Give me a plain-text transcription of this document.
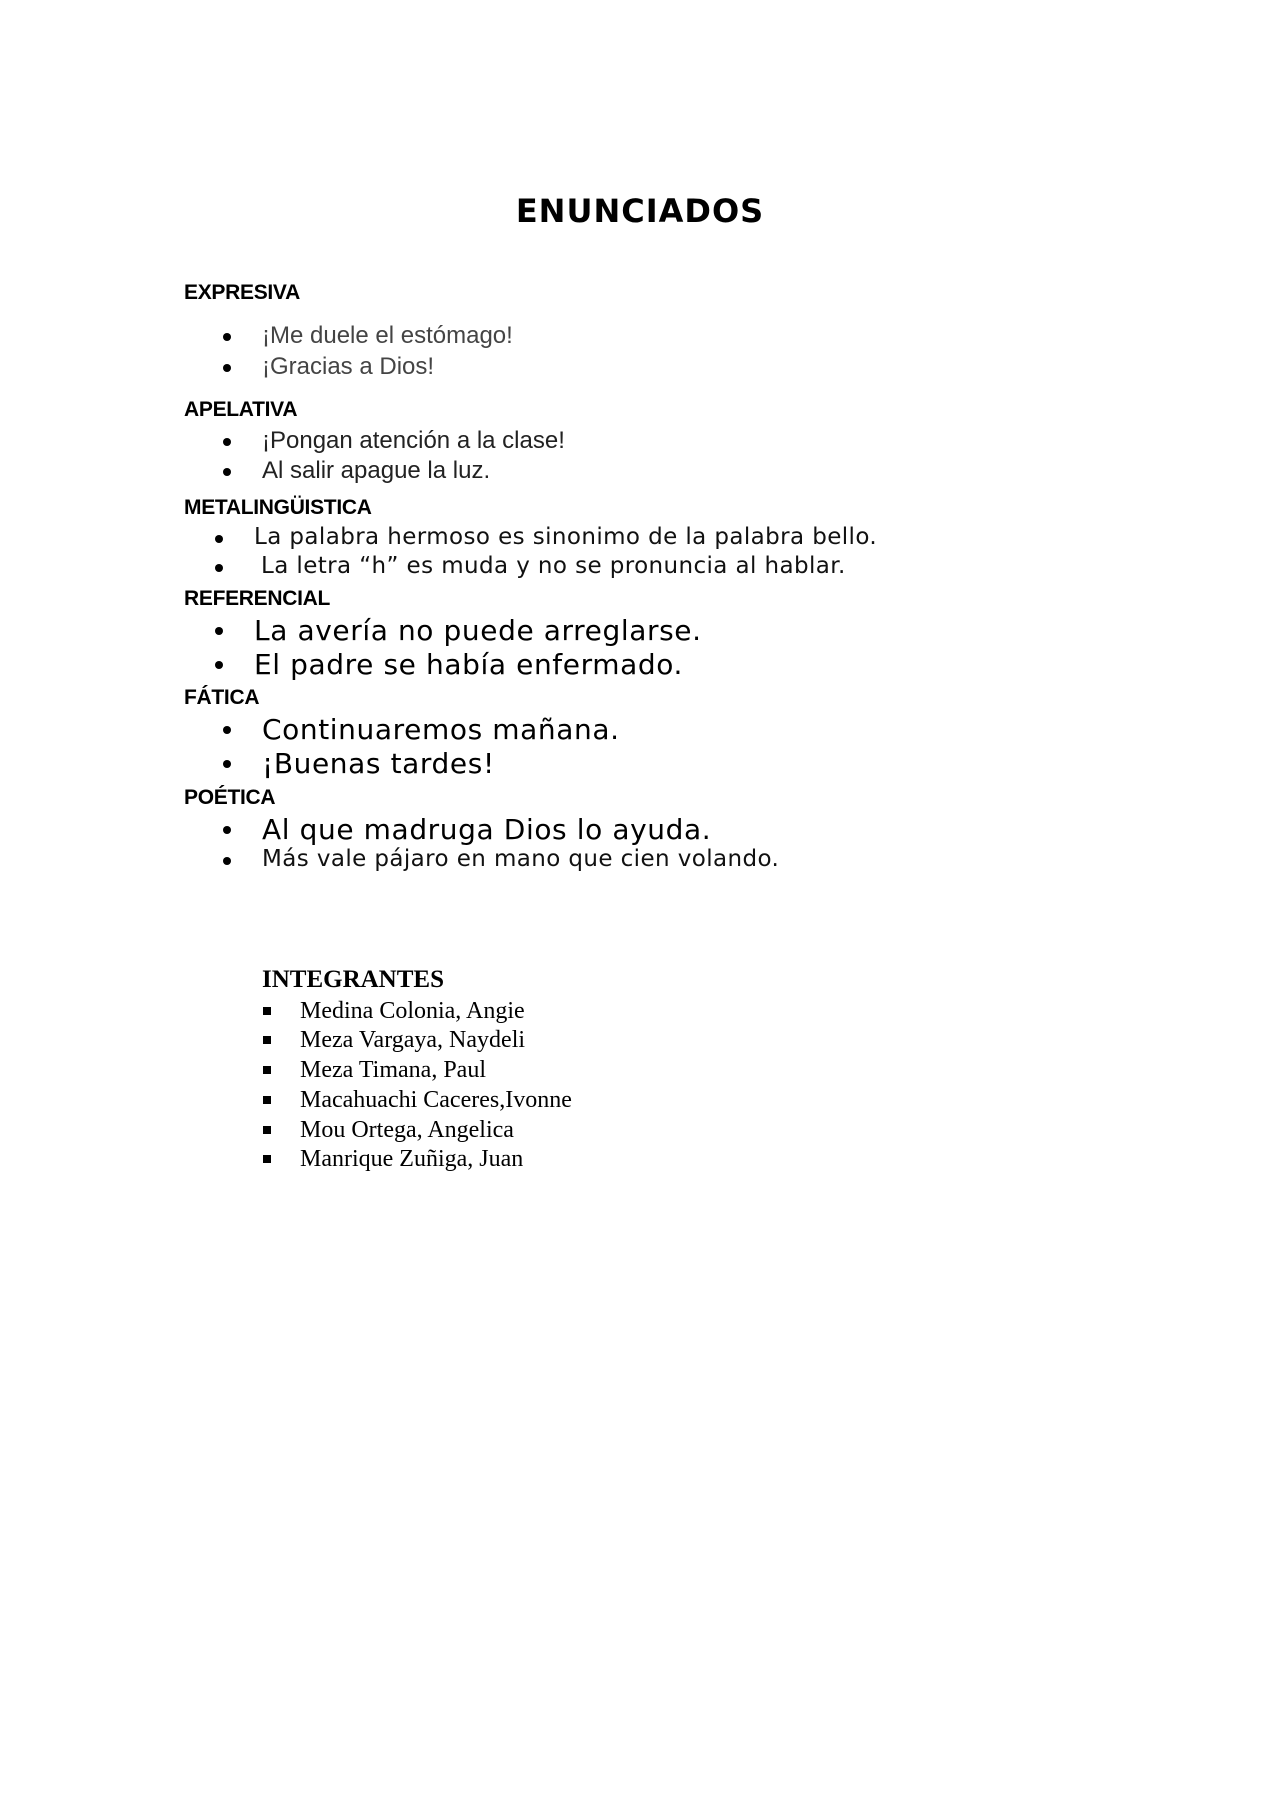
ENUNCIADOS
EXPRESIVA
¡Me duele el estómago!
¡Gracias a Dios!
APELATIVA
¡Pongan atención a la clase!
Al salir apague la luz.
METALINGÜISTICA
La palabra hermoso es sinonimo de la palabra bello.
La letra “h” es muda y no se pronuncia al hablar.
REFERENCIAL
La avería no puede arreglarse.
El padre se había enfermado.
FÁTICA
Continuaremos mañana.
¡Buenas tardes!
POÉTICA
Al que madruga Dios lo ayuda.
Más vale pájaro en mano que cien volando.
INTEGRANTES
Medina Colonia, Angie
Meza Vargaya, Naydeli
Meza Timana, Paul
Macahuachi Caceres,Ivonne
Mou Ortega, Angelica
Manrique Zuñiga, Juan
